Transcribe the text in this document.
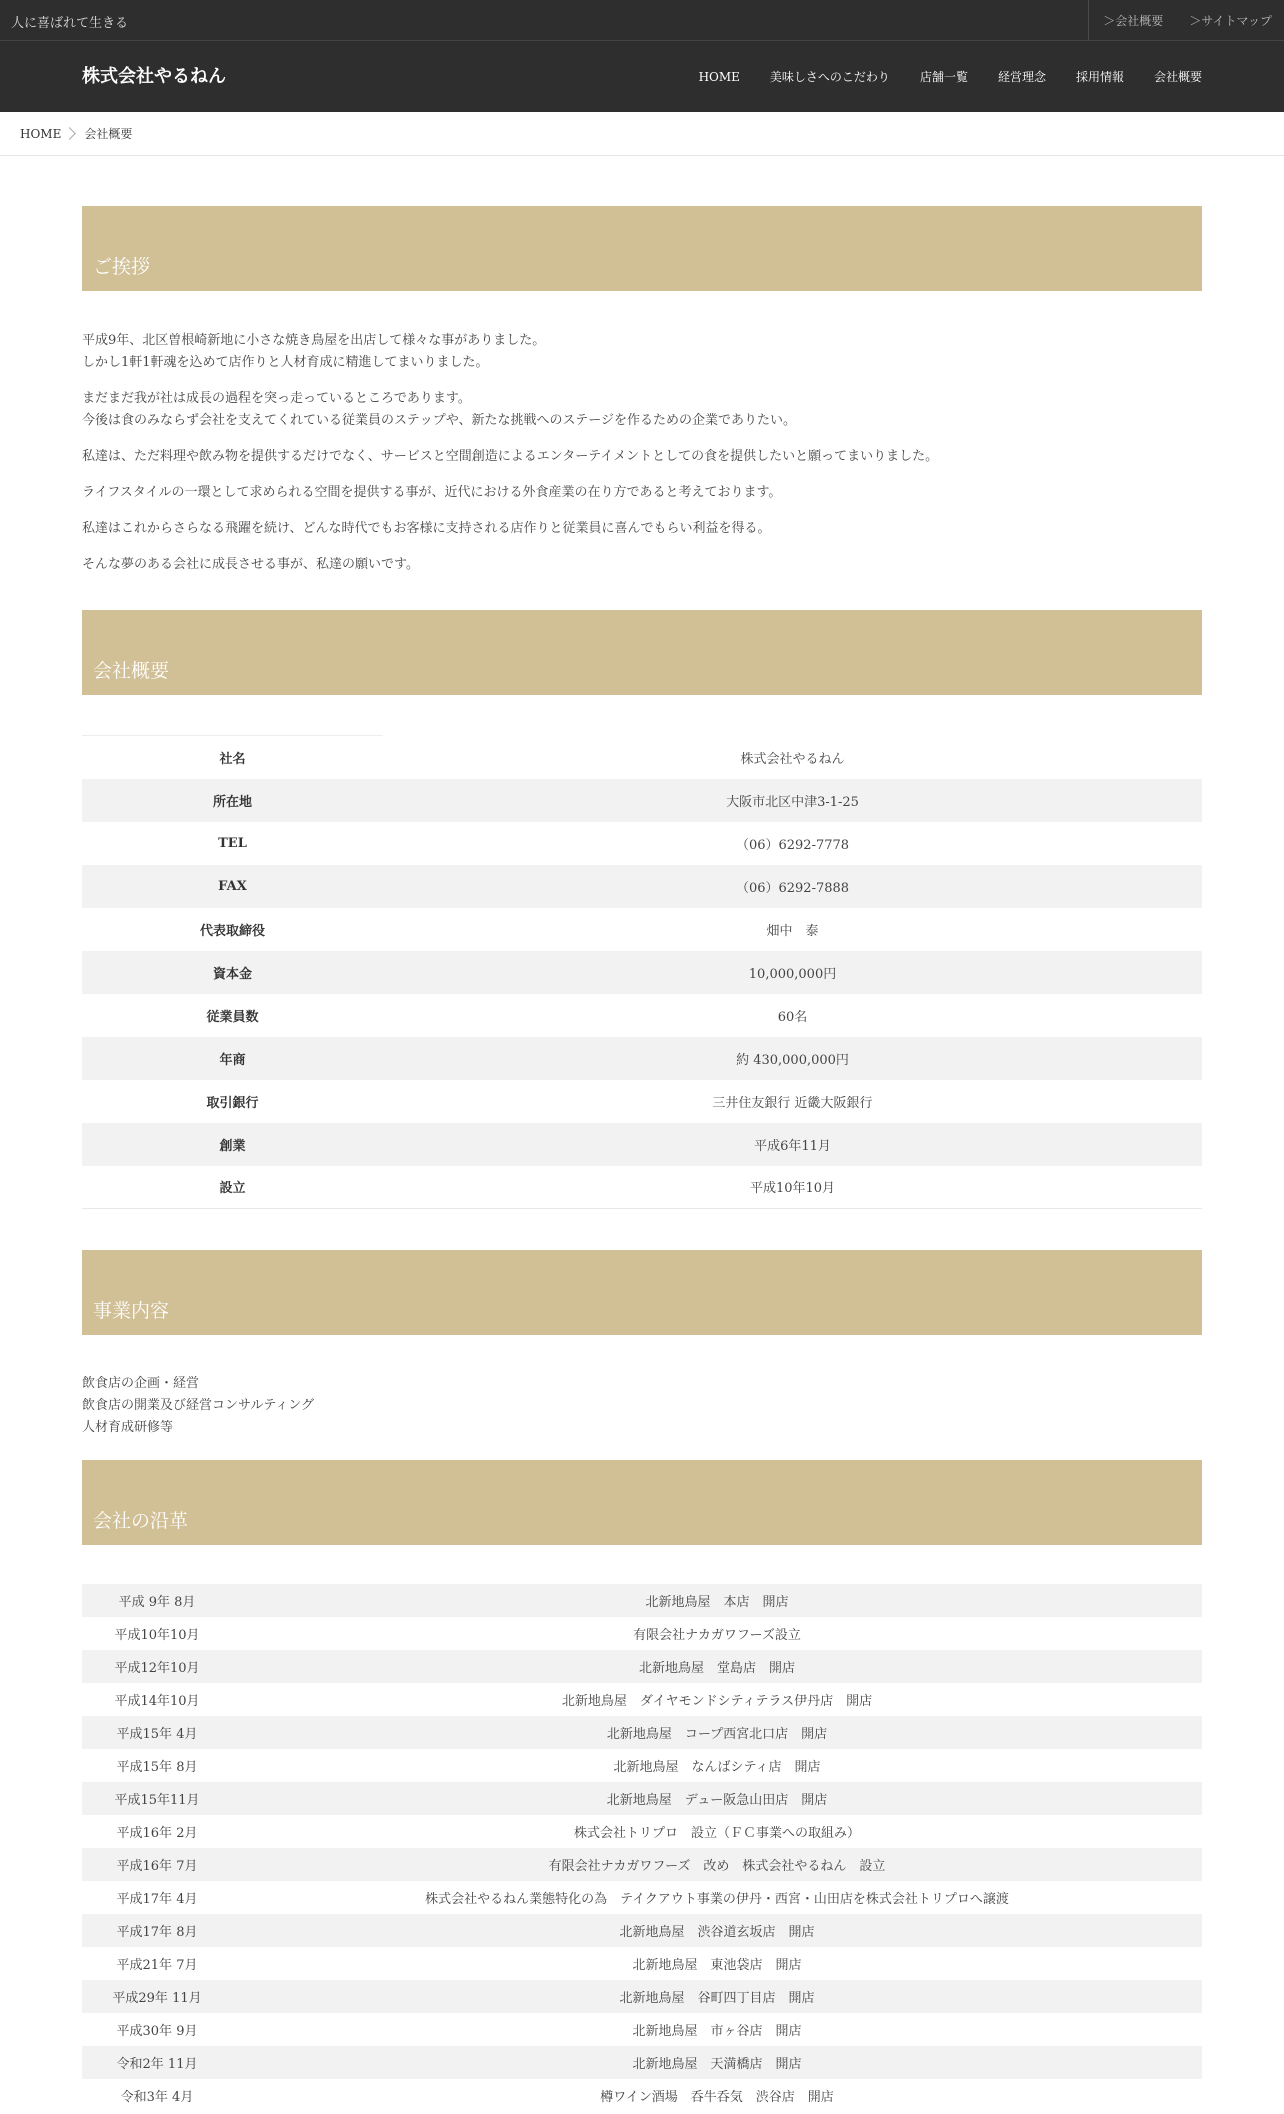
人に喜ばれて生きる	＞会社概要	＞サイトマップ
株式会社やるねん	HOME	美味しさへのこだわり	店舗一覧	経営理念	採用情報	会社概要
HOME 会社概要
ご挨拶

平成9年、北区曽根崎新地に小さな焼き鳥屋を出店して様々な事がありました。
しかし1軒1軒魂を込めて店作りと人材育成に精進してまいりました。

まだまだ我が社は成長の過程を突っ走っているところであります。
今後は食のみならず会社を支えてくれている従業員のステップや、新たな挑戦へのステージを作るための企業でありたい。

私達は、ただ料理や飲み物を提供するだけでなく、サービスと空間創造によるエンターテイメントとしての食を提供したいと願ってまいりました。

ライフスタイルの一環として求められる空間を提供する事が、近代における外食産業の在り方であると考えております。

私達はこれからさらなる飛躍を続け、どんな時代でもお客様に支持される店作りと従業員に喜んでもらい利益を得る。

そんな夢のある会社に成長させる事が、私達の願いです。

会社概要
社名	株式会社やるねん
所在地	大阪市北区中津3-1-25
TEL	（06）6292-7778
FAX	（06）6292-7888
代表取締役	畑中　泰
資本金	10,000,000円
従業員数	60名
年商	約 430,000,000円
取引銀行	三井住友銀行 近畿大阪銀行
創業	平成6年11月
設立	平成10年10月
事業内容

飲食店の企画・経営

飲食店の開業及び経営コンサルティング

人材育成研修等

会社の沿革
平成 9年 8月	北新地鳥屋　本店　開店
平成10年10月	有限会社ナカガワフーズ設立
平成12年10月	北新地鳥屋　堂島店　開店
平成14年10月	北新地鳥屋　ダイヤモンドシティテラス伊丹店　開店
平成15年 4月	北新地鳥屋　コープ西宮北口店　開店
平成15年 8月	北新地鳥屋　なんばシティ店　開店
平成15年11月	北新地鳥屋　デュー阪急山田店　開店
平成16年 2月	株式会社トリプロ　設立（ＦＣ事業への取組み）
平成16年 7月	有限会社ナカガワフーズ　改め　株式会社やるねん　設立
平成17年 4月	株式会社やるねん業態特化の為　テイクアウト事業の伊丹・西宮・山田店を株式会社トリプロへ譲渡
平成17年 8月	北新地鳥屋　渋谷道玄坂店　開店
平成21年 7月	北新地鳥屋　東池袋店　開店
平成29年 11月	北新地鳥屋　谷町四丁目店　開店
平成30年 9月	北新地鳥屋　市ヶ谷店　開店
令和2年 11月	北新地鳥屋　天満橋店　開店
令和3年 4月	樽ワイン酒場　呑牛呑気　渋谷店　開店
